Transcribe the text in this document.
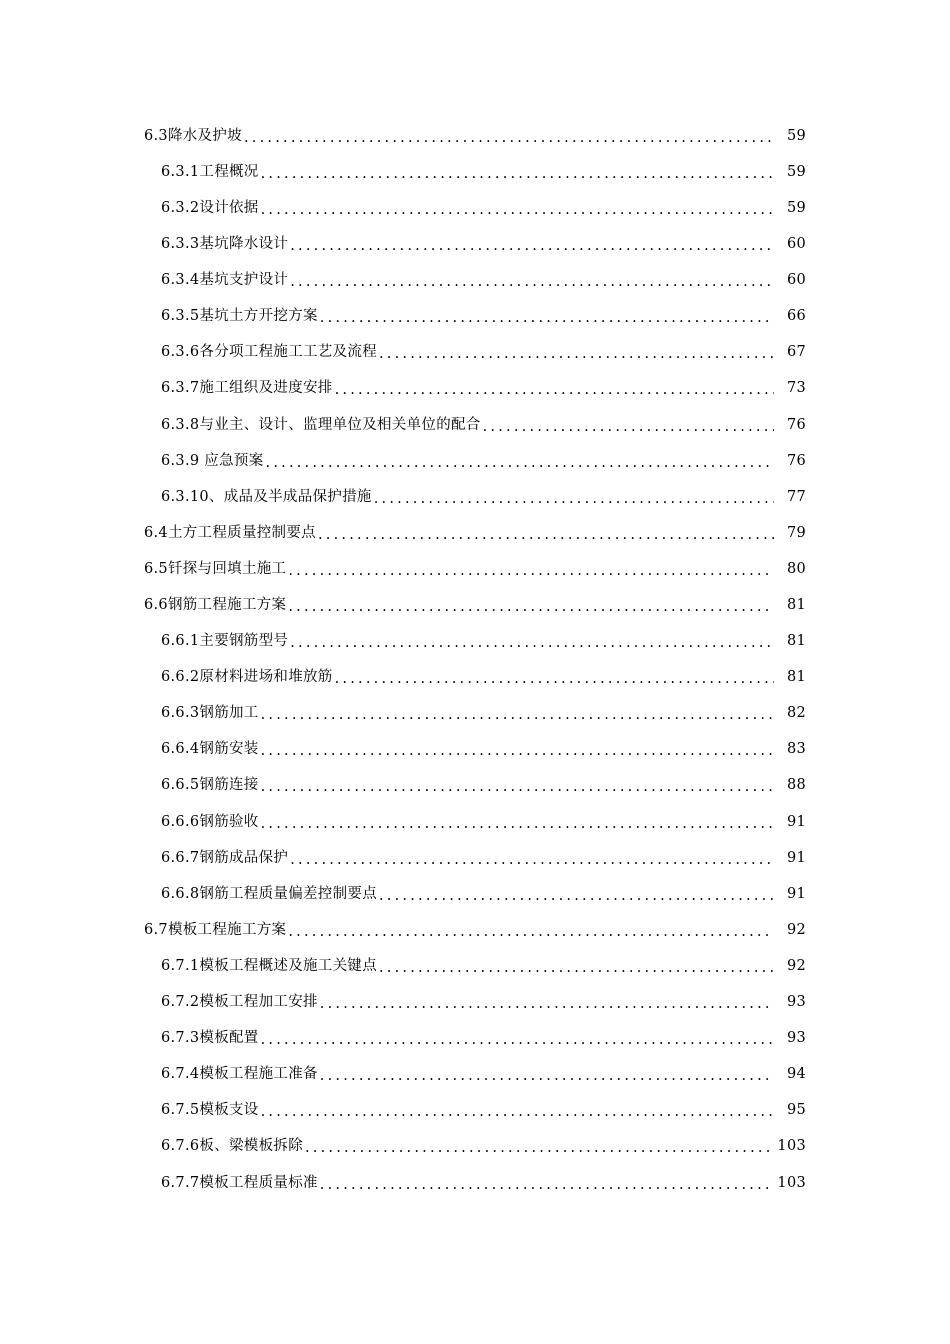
6.3降水及护坡 .....	59
6.3.1工程概况 .....	59
6.3.2设计依据 .....	59
6.3.3基坑降水设计 .....	60
6.3.4基坑支护设计 .....	60
6.3.5基坑土方开挖方案 .....	66
6.3.6各分项工程施工工艺及流程 .....	67
6.3.7施工组织及进度安排 .....	73
6.3.8与业主、设计、监理单位及相关单位的配合 .....	76
6.3.9 应急预案 .....	76
6.3.10、成品及半成品保护措施 .....	77
6.4土方工程质量控制要点 .....	79
6.5钎探与回填土施工 .....	80
6.6钢筋工程施工方案 .....	81
6.6.1主要钢筋型号 .....	81
6.6.2原材料进场和堆放筋 .....	81
6.6.3钢筋加工 .....	82
6.6.4钢筋安装 .....	83
6.6.5钢筋连接 .....	88
6.6.6钢筋验收 .....	91
6.6.7钢筋成品保护 .....	91
6.6.8钢筋工程质量偏差控制要点 .....	91
6.7模板工程施工方案 .....	92
6.7.1模板工程概述及施工关键点 .....	92
6.7.2模板工程加工安排 .....	93
6.7.3模板配置 .....	93
6.7.4模板工程施工准备 .....	94
6.7.5模板支设 .....	95
6.7.6板、梁模板拆除 .....	103
6.7.7模板工程质量标准 .....	103
